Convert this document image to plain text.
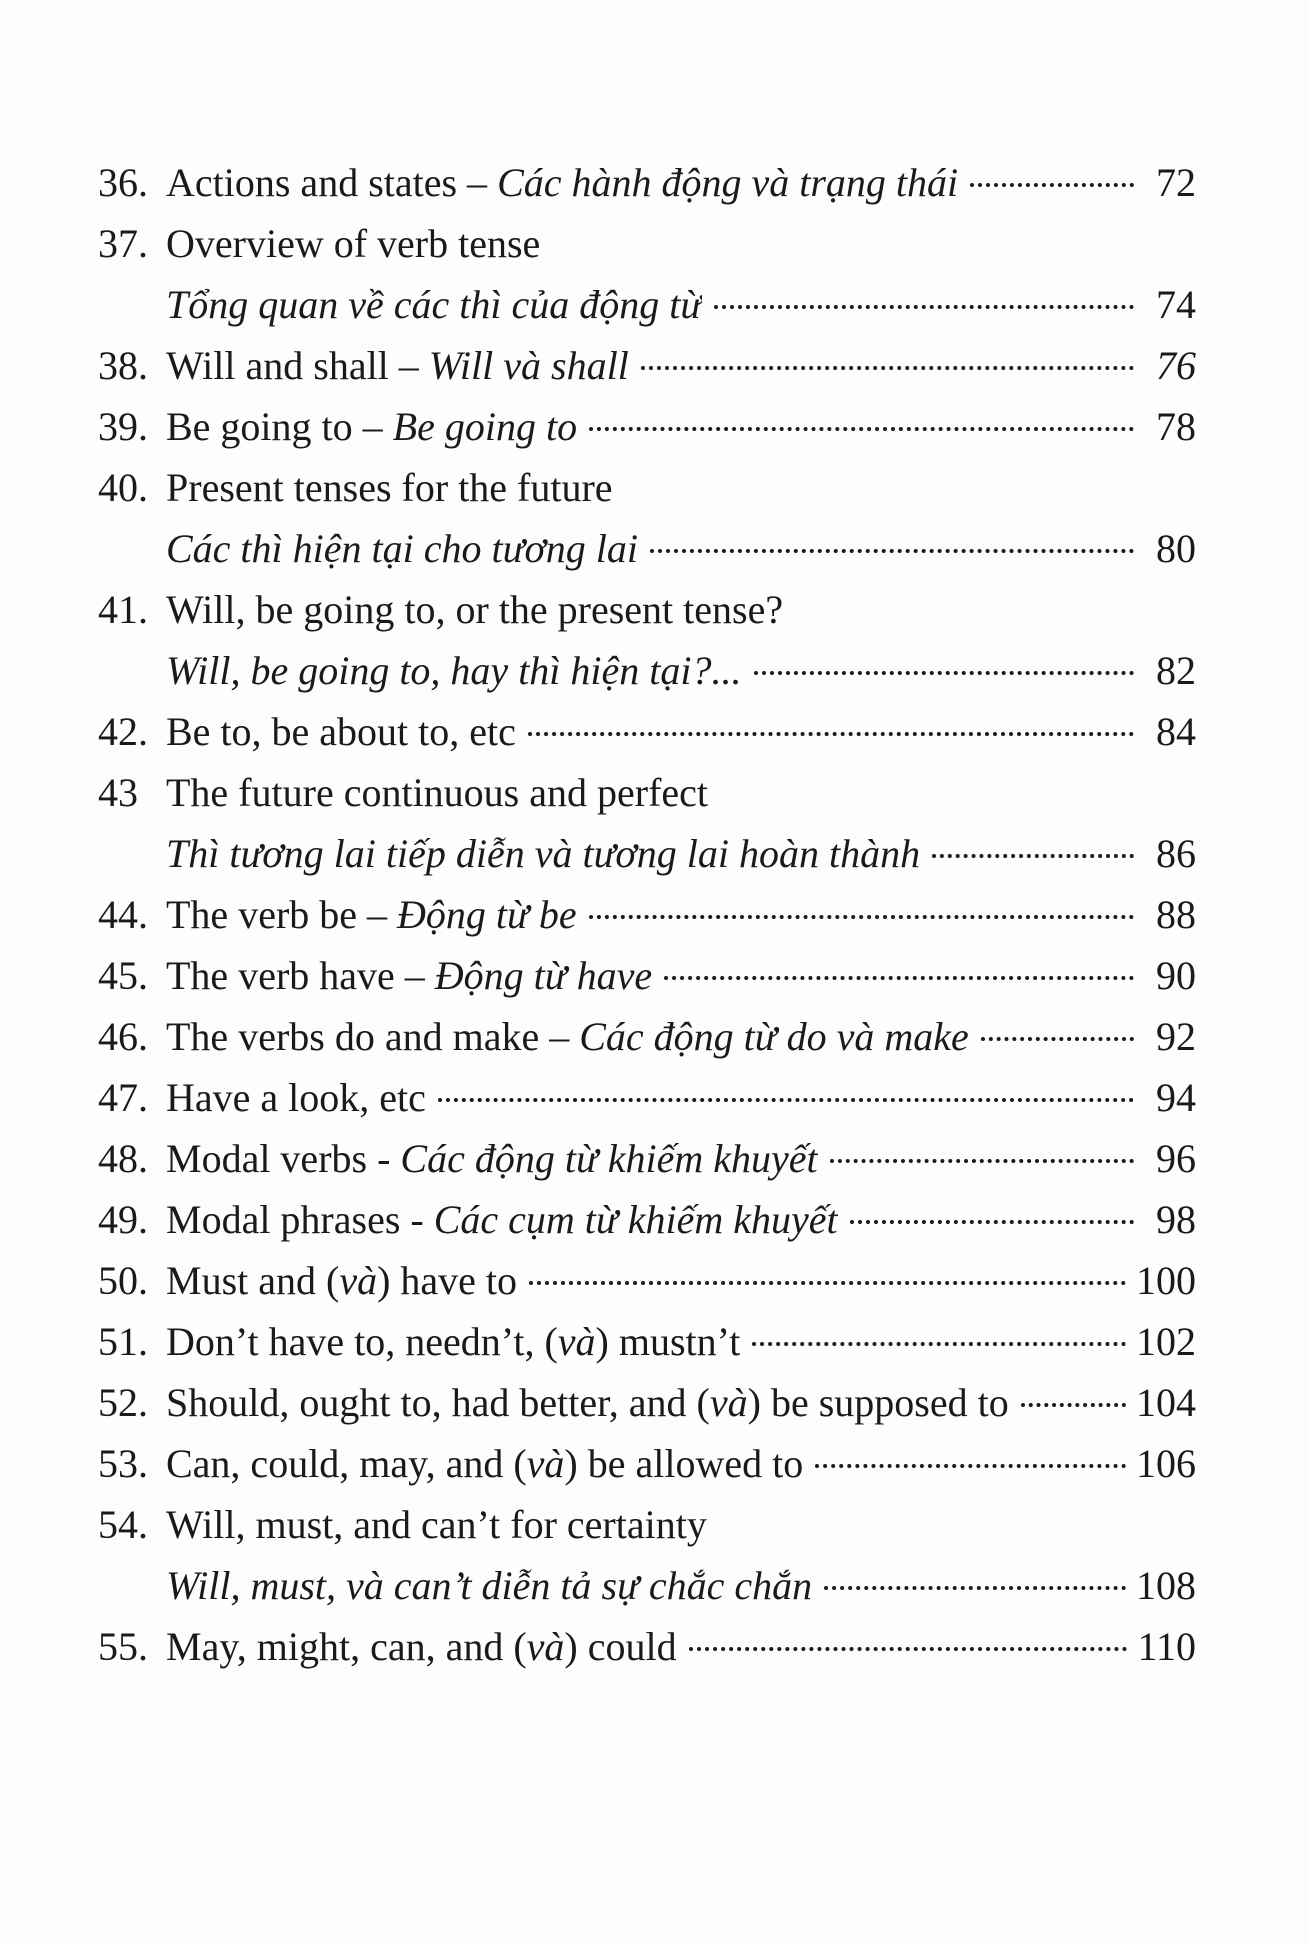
36. Actions and states – Các hành động và trạng thái	72
37. Overview of verb tense
Tổng quan về các thì của động từ	74
38. Will and shall – Will và shall	76
39. Be going to – Be going to	78
40. Present tenses for the future
Các thì hiện tại cho tương lai	80
41. Will, be going to, or the present tense?
Will, be going to, hay thì hiện tại?...	82
42. Be to, be about to, etc	84
43 The future continuous and perfect
Thì tương lai tiếp diễn và tương lai hoàn thành	86
44. The verb be – Động từ be	88
45. The verb have – Động từ have	90
46. The verbs do and make – Các động từ do và make	92
47. Have a look, etc	94
48. Modal verbs - Các động từ khiếm khuyết	96
49. Modal phrases - Các cụm từ khiếm khuyết	98
50. Must and (và) have to	100
51. Don’t have to, needn’t, (và) mustn’t	102
52. Should, ought to, had better, and (và) be supposed to	104
53. Can, could, may, and (và) be allowed to	106
54. Will, must, and can’t for certainty
Will, must, và can’t diễn tả sự chắc chắn	108
55. May, might, can, and (và) could	110
